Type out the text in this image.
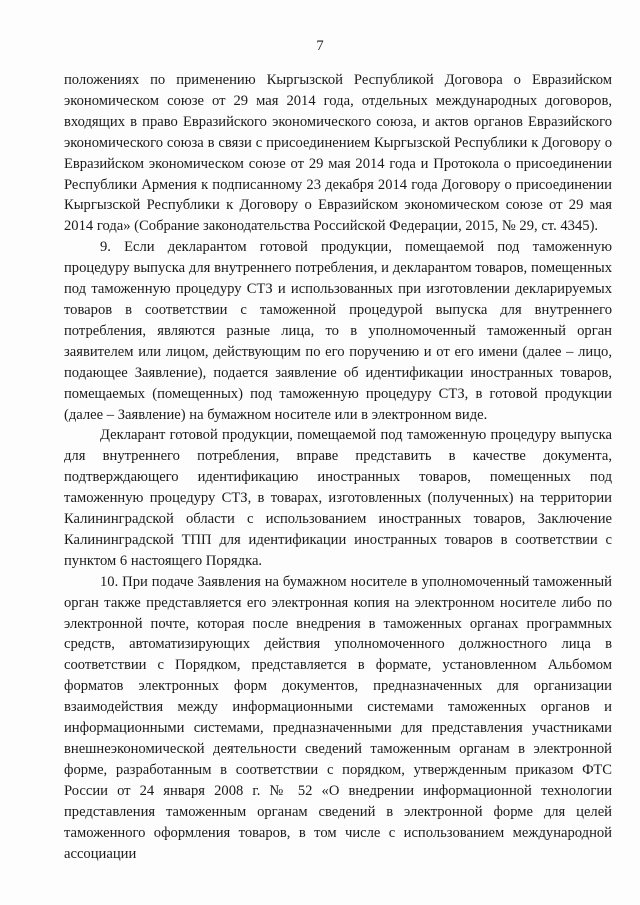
7

положениях по применению Кыргызской Республикой Договора о Евразийском экономическом союзе от 29 мая 2014 года, отдельных международных договоров, входящих в право Евразийского экономического союза, и актов органов Евразийского экономического союза в связи с присоединением Кыргызской Республики к Договору о Евразийском экономическом союзе от 29 мая 2014 года и Протокола о присоединении Республики Армения к подписанному 23 декабря 2014 года Договору о присоединении Кыргызской Республики к Договору о Евразийском экономическом союзе от 29 мая 2014 года» (Собрание законодательства Российской Федерации, 2015, № 29, ст. 4345).

9. Если декларантом готовой продукции, помещаемой под таможенную процедуру выпуска для внутреннего потребления, и декларантом товаров, помещенных под таможенную процедуру СТЗ и использованных при изготовлении декларируемых товаров в соответствии с таможенной процедурой выпуска для внутреннего потребления, являются разные лица, то в уполномоченный таможенный орган заявителем или лицом, действующим по его поручению и от его имени (далее – лицо, подающее Заявление), подается заявление об идентификации иностранных товаров, помещаемых (помещенных) под таможенную процедуру СТЗ, в готовой продукции (далее – Заявление) на бумажном носителе или в электронном виде.

Декларант готовой продукции, помещаемой под таможенную процедуру выпуска для внутреннего потребления, вправе представить в качестве документа, подтверждающего идентификацию иностранных товаров, помещенных под таможенную процедуру СТЗ, в товарах, изготовленных (полученных) на территории Калининградской области с использованием иностранных товаров, Заключение Калининградской ТПП для идентификации иностранных товаров в соответствии с пунктом 6 настоящего Порядка.

10. При подаче Заявления на бумажном носителе в уполномоченный таможенный орган также представляется его электронная копия на электронном носителе либо по электронной почте, которая после внедрения в таможенных органах программных средств, автоматизирующих действия уполномоченного должностного лица в соответствии с Порядком, представляется в формате, установленном Альбомом форматов электронных форм документов, предназначенных для организации взаимодействия между информационными системами таможенных органов и информационными системами, предназначенными для представления участниками внешнеэкономической деятельности сведений таможенным органам в электронной форме, разработанным в соответствии с порядком, утвержденным приказом ФТС России от 24 января 2008 г. № 52 «О внедрении информационной технологии представления таможенным органам сведений в электронной форме для целей таможенного оформления товаров, в том числе с использованием международной ассоциации
